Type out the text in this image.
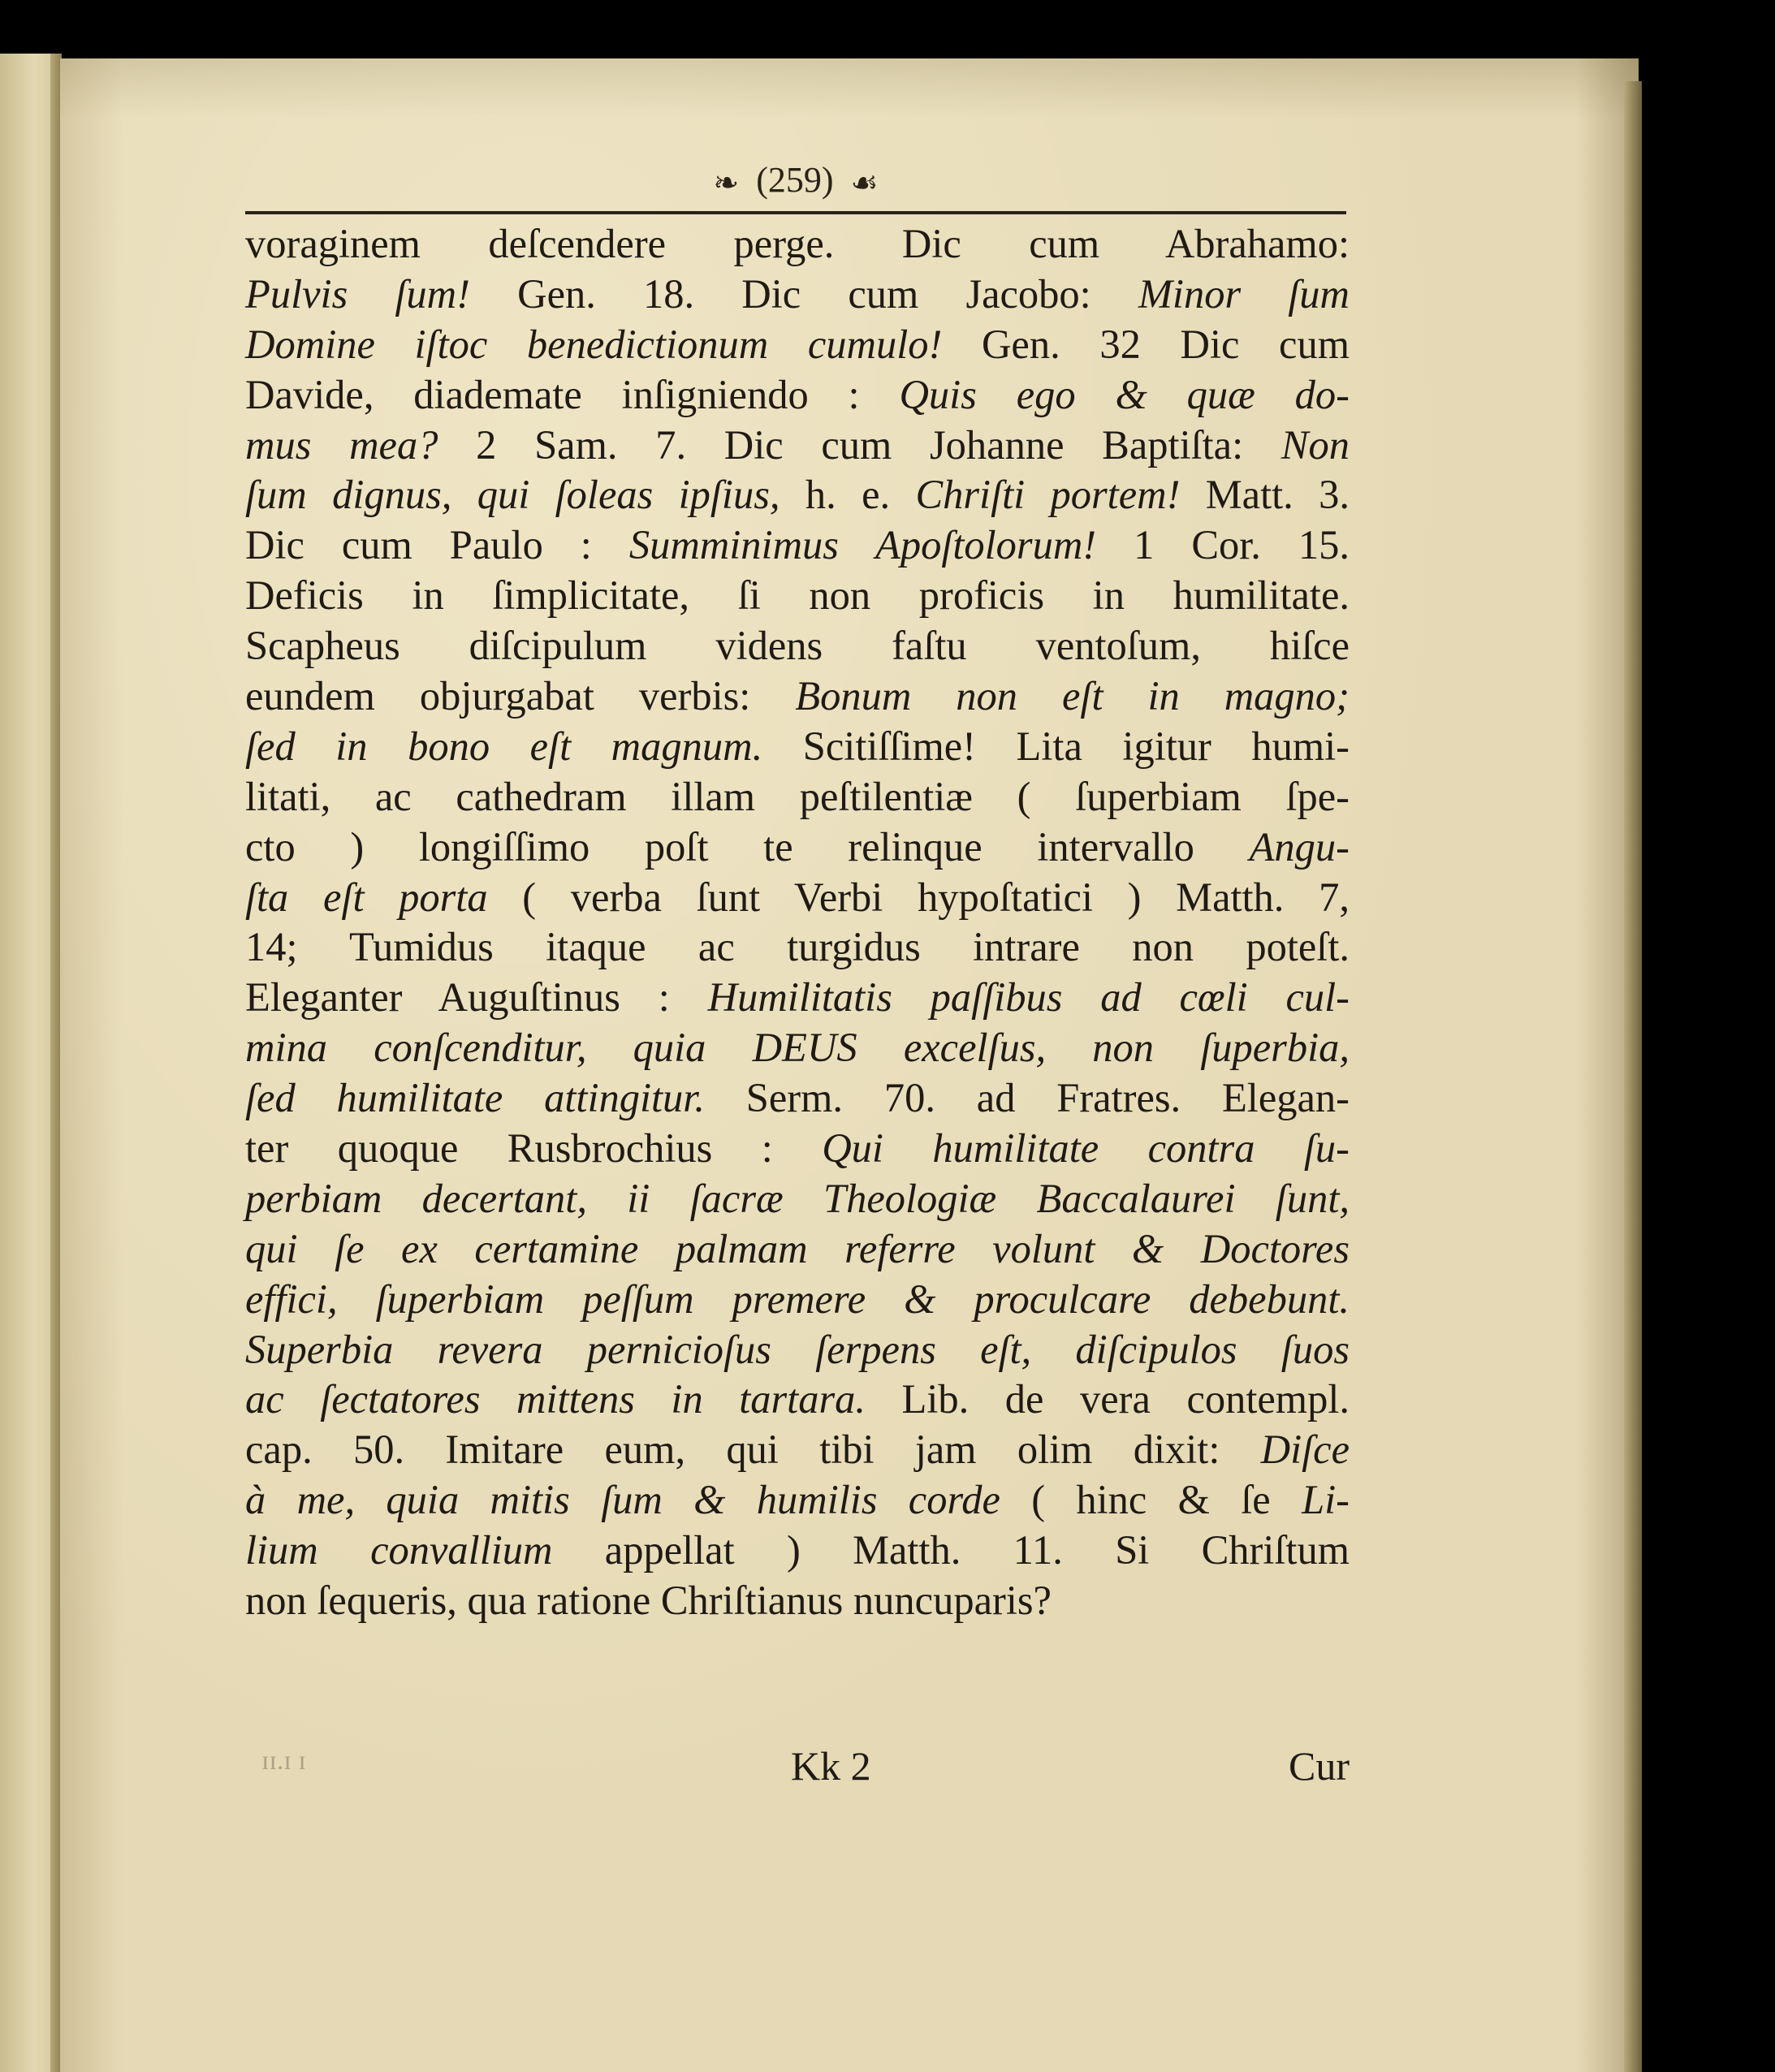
❧ (259) ☙
voraginem deſcendere perge. Dic cum Abrahamo:
Pulvis ſum! Gen. 18. Dic cum Jacobo: Minor ſum
Domine iſtoc benedictionum cumulo! Gen. 32 Dic cum
Davide, diademate inſigniendo : Quis ego & quæ do-
mus mea? 2 Sam. 7. Dic cum Johanne Baptiſta: Non
ſum dignus, qui ſoleas ipſius, h. e. Chriſti portem! Matt. 3.
Dic cum Paulo : Summinimus Apoſtolorum! 1 Cor. 15.
Deficis in ſimplicitate, ſi non proficis in humilitate.
Scapheus diſcipulum videns faſtu ventoſum, hiſce
eundem objurgabat verbis: Bonum non eſt in magno;
ſed in bono eſt magnum. Scitiſſime! Lita igitur humi-
litati, ac cathedram illam peſtilentiæ ( ſuperbiam ſpe-
cto ) longiſſimo poſt te relinque intervallo Angu-
ſta eſt porta ( verba ſunt Verbi hypoſtatici ) Matth. 7,
14; Tumidus itaque ac turgidus intrare non poteſt.
Eleganter Auguſtinus : Humilitatis paſſibus ad cœli cul-
mina conſcenditur, quia DEUS excelſus, non ſuperbia,
ſed humilitate attingitur. Serm. 70. ad Fratres. Elegan-
ter quoque Rusbrochius : Qui humilitate contra ſu-
perbiam decertant, ii ſacræ Theologiæ Baccalaurei ſunt,
qui ſe ex certamine palmam referre volunt & Doctores
effici, ſuperbiam peſſum premere & proculcare debebunt.
Superbia revera pernicioſus ſerpens eſt, diſcipulos ſuos
ac ſectatores mittens in tartara. Lib. de vera contempl.
cap. 50. Imitare eum, qui tibi jam olim dixit: Diſce
à me, quia mitis ſum & humilis corde ( hinc & ſe Li-
lium convallium appellat ) Matth. 11. Si Chriſtum
non ſequeris, qua ratione Chriſtianus nuncuparis?
ɪɪ.ɪ ɪ	Kk 2	Cur
